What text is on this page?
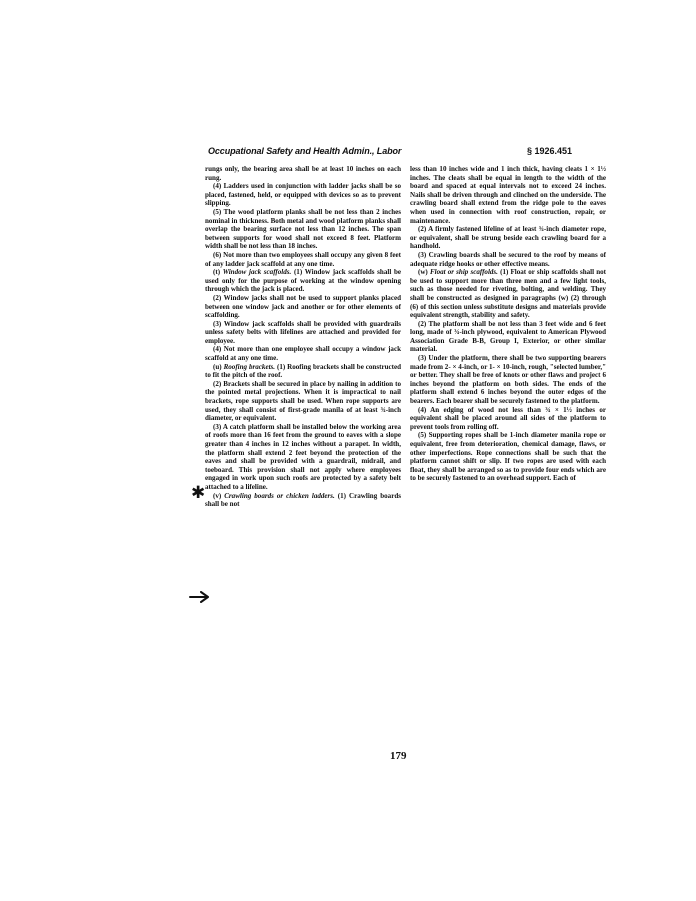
Occupational Safety and Health Admin., Labor	§ 1926.451
✱

rungs only, the bearing area shall be at least 10 inches on each rung.

(4) Ladders used in conjunction with ladder jacks shall be so placed, fastened, held, or equipped with devices so as to prevent slipping.

(5) The wood platform planks shall be not less than 2 inches nominal in thickness. Both metal and wood platform planks shall overlap the bearing surface not less than 12 inches. The span between supports for wood shall not exceed 8 feet. Platform width shall be not less than 18 inches.

(6) Not more than two employees shall occupy any given 8 feet of any ladder jack scaffold at any one time.

(t) Window jack scaffolds. (1) Window jack scaffolds shall be used only for the purpose of working at the window opening through which the jack is placed.

(2) Window jacks shall not be used to support planks placed between one window jack and another or for other elements of scaffolding.

(3) Window jack scaffolds shall be provided with guardrails unless safety belts with lifelines are attached and provided for employee.

(4) Not more than one employee shall occupy a window jack scaffold at any one time.

(u) Roofing brackets. (1) Roofing brackets shall be constructed to fit the pitch of the roof.

(2) Brackets shall be secured in place by nailing in addition to the pointed metal projections. When it is impractical to nail brackets, rope supports shall be used. When rope supports are used, they shall consist of first-grade manila of at least ¾-inch diameter, or equivalent.

(3) A catch platform shall be installed below the working area of roofs more than 16 feet from the ground to eaves with a slope greater than 4 inches in 12 inches without a parapet. In width, the platform shall extend 2 feet beyond the protection of the eaves and shall be provided with a guardrail, midrail, and toeboard. This provision shall not apply where employees engaged in work upon such roofs are protected by a safety belt attached to a lifeline.

(v) Crawling boards or chicken ladders. (1) Crawling boards shall be not

less than 10 inches wide and 1 inch thick, having cleats 1 × 1½ inches. The cleats shall be equal in length to the width of the board and spaced at equal intervals not to exceed 24 inches. Nails shall be driven through and clinched on the underside. The crawling board shall extend from the ridge pole to the eaves when used in connection with roof construction, repair, or maintenance.

(2) A firmly fastened lifeline of at least ¾-inch diameter rope, or equivalent, shall be strung beside each crawling board for a handhold.

(3) Crawling boards shall be secured to the roof by means of adequate ridge hooks or other effective means.

(w) Float or ship scaffolds. (1) Float or ship scaffolds shall not be used to support more than three men and a few light tools, such as those needed for riveting, bolting, and welding. They shall be constructed as designed in paragraphs (w) (2) through (6) of this section unless substitute designs and materials provide equivalent strength, stability and safety.

(2) The platform shall be not less than 3 feet wide and 6 feet long, made of ¾-inch plywood, equivalent to American Plywood Association Grade B-B, Group I, Exterior, or other similar material.

(3) Under the platform, there shall be two supporting bearers made from 2- × 4-inch, or 1- × 10-inch, rough, "selected lumber," or better. They shall be free of knots or other flaws and project 6 inches beyond the platform on both sides. The ends of the platform shall extend 6 inches beyond the outer edges of the bearers. Each bearer shall be securely fastened to the platform.

(4) An edging of wood not less than ¾ × 1½ inches or equivalent shall be placed around all sides of the platform to prevent tools from rolling off.

(5) Supporting ropes shall be 1-inch diameter manila rope or equivalent, free from deterioration, chemical damage, flaws, or other imperfections. Rope connections shall be such that the platform cannot shift or slip. If two ropes are used with each float, they shall be arranged so as to provide four ends which are to be securely fastened to an overhead support. Each of

179
